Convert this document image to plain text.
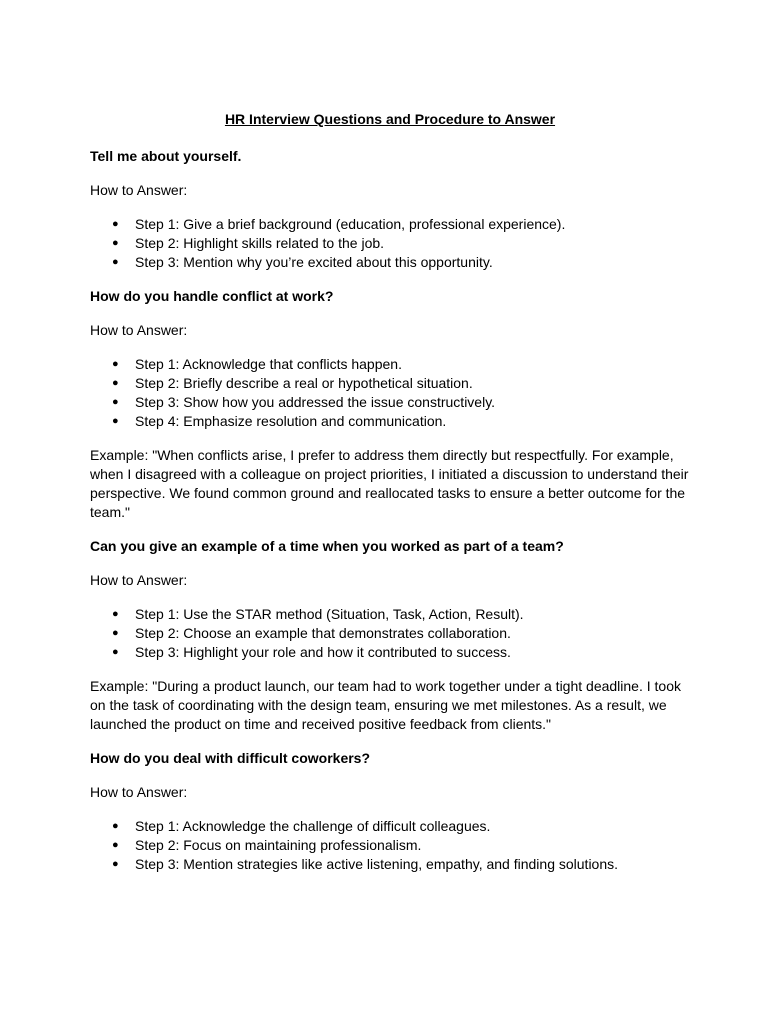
HR Interview Questions and Procedure to Answer

Tell me about yourself.

How to Answer:

● Step 1: Give a brief background (education, professional experience).
● Step 2: Highlight skills related to the job.
● Step 3: Mention why you’re excited about this opportunity.

How do you handle conflict at work?

How to Answer:

● Step 1: Acknowledge that conflicts happen.
● Step 2: Briefly describe a real or hypothetical situation.
● Step 3: Show how you addressed the issue constructively.
● Step 4: Emphasize resolution and communication.

Example: "When conflicts arise, I prefer to address them directly but respectfully. For example, when I disagreed with a colleague on project priorities, I initiated a discussion to understand their perspective. We found common ground and reallocated tasks to ensure a better outcome for the team."

Can you give an example of a time when you worked as part of a team?

How to Answer:

● Step 1: Use the STAR method (Situation, Task, Action, Result).
● Step 2: Choose an example that demonstrates collaboration.
● Step 3: Highlight your role and how it contributed to success.

Example: "During a product launch, our team had to work together under a tight deadline. I took on the task of coordinating with the design team, ensuring we met milestones. As a result, we launched the product on time and received positive feedback from clients."

How do you deal with difficult coworkers?

How to Answer:

● Step 1: Acknowledge the challenge of difficult colleagues.
● Step 2: Focus on maintaining professionalism.
● Step 3: Mention strategies like active listening, empathy, and finding solutions.
